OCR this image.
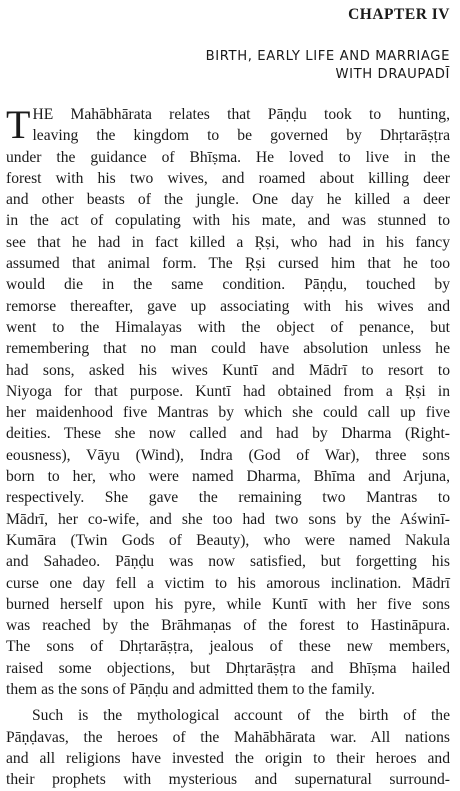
CHAPTER IV
BIRTH, EARLY LIFE AND MARRIAGE
WITH DRAUPADĪ
T HE Mahābhārata relates that Pāṇḍu took to hunting,
leaving the kingdom to be governed by Dhṛtarāṣṭra
under the guidance of Bhīṣma. He loved to live in the
forest with his two wives, and roamed about killing deer
and other beasts of the jungle. One day he killed a deer
in the act of copulating with his mate, and was stunned to
see that he had in fact killed a Ṛṣi, who had in his fancy
assumed that animal form. The Ṛṣi cursed him that he too
would die in the same condition. Pāṇḍu, touched by
remorse thereafter, gave up associating with his wives and
went to the Himalayas with the object of penance, but
remembering that no man could have absolution unless he
had sons, asked his wives Kuntī and Mādrī to resort to
Niyoga for that purpose. Kuntī had obtained from a Ṛṣi in
her maidenhood five Mantras by which she could call up five
deities. These she now called and had by Dharma (Right-
eousness), Vāyu (Wind), Indra (God of War), three sons
born to her, who were named Dharma, Bhīma and Arjuna,
respectively. She gave the remaining two Mantras to
Mādrī, her co-wife, and she too had two sons by the Aświnī-
Kumāra (Twin Gods of Beauty), who were named Nakula
and Sahadeo. Pāṇḍu was now satisfied, but forgetting his
curse one day fell a victim to his amorous inclination. Mādrī
burned herself upon his pyre, while Kuntī with her five sons
was reached by the Brāhmaṇas of the forest to Hastināpura.
The sons of Dhṛtarāṣṭra, jealous of these new members,
raised some objections, but Dhṛtarāṣṭra and Bhīṣma hailed
them as the sons of Pāṇḍu and admitted them to the family.
Such is the mythological account of the birth of the
Pāṇḍavas, the heroes of the Mahābhārata war. All nations
and all religions have invested the origin to their heroes and
their prophets with mysterious and supernatural surround-
